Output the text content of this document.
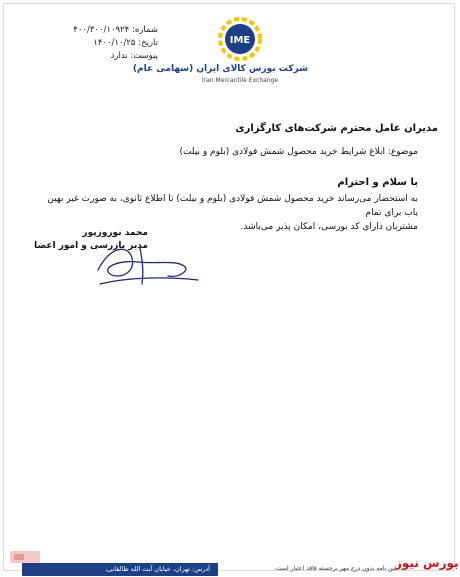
شماره: ۴۰۰/۳۰۰/۱۰۹۲۴
تاریخ: ۱۴۰۰/۱۰/۲۵
پیوست: ندارد
IME
شرکت بورس کالای ایران (سهامی عام)
Iran Mercantile Exchange
مدیران عامل محترم شرکت‌های کارگزاری
موضوع: ابلاغ شرایط خرید محصول شمش فولادی (بلوم و بیلت)
با سلام و احترام
به استحضار می‌رساند خرید محصول شمش فولادی (بلوم و بیلت) تا اطلاع ثانوی، به صورت غیر بهین یاب برای تمام
مشتریان دارای کد بورسی، امکان پذیر می‌باشد.
محمد نوروزپور
مدیر بازرسی و امور اعضا
آدرس: تهران، خیابان آیت الله طالقانی،	این نامه بدون درج مهر برجسته فاقد اعتبار است. بورس نیوز
